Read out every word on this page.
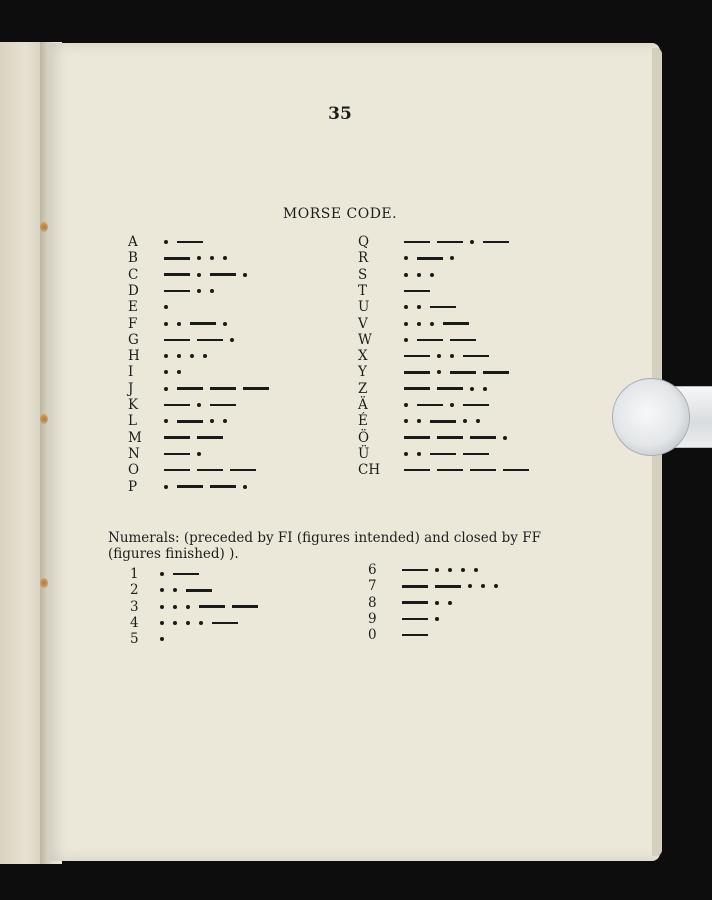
35
MORSE CODE.
A
B
C
D
E
F
G
H
I
J
K
L
M
N
O
P
Q
R
S
T
U
V
W
X
Y
Z
Ä
É
Ö
Ü
CH
Numerals: (preceded by FI (figures intended) and closed by FF (figures finished) ).
1
2
3
4
5
6
7
8
9
0
